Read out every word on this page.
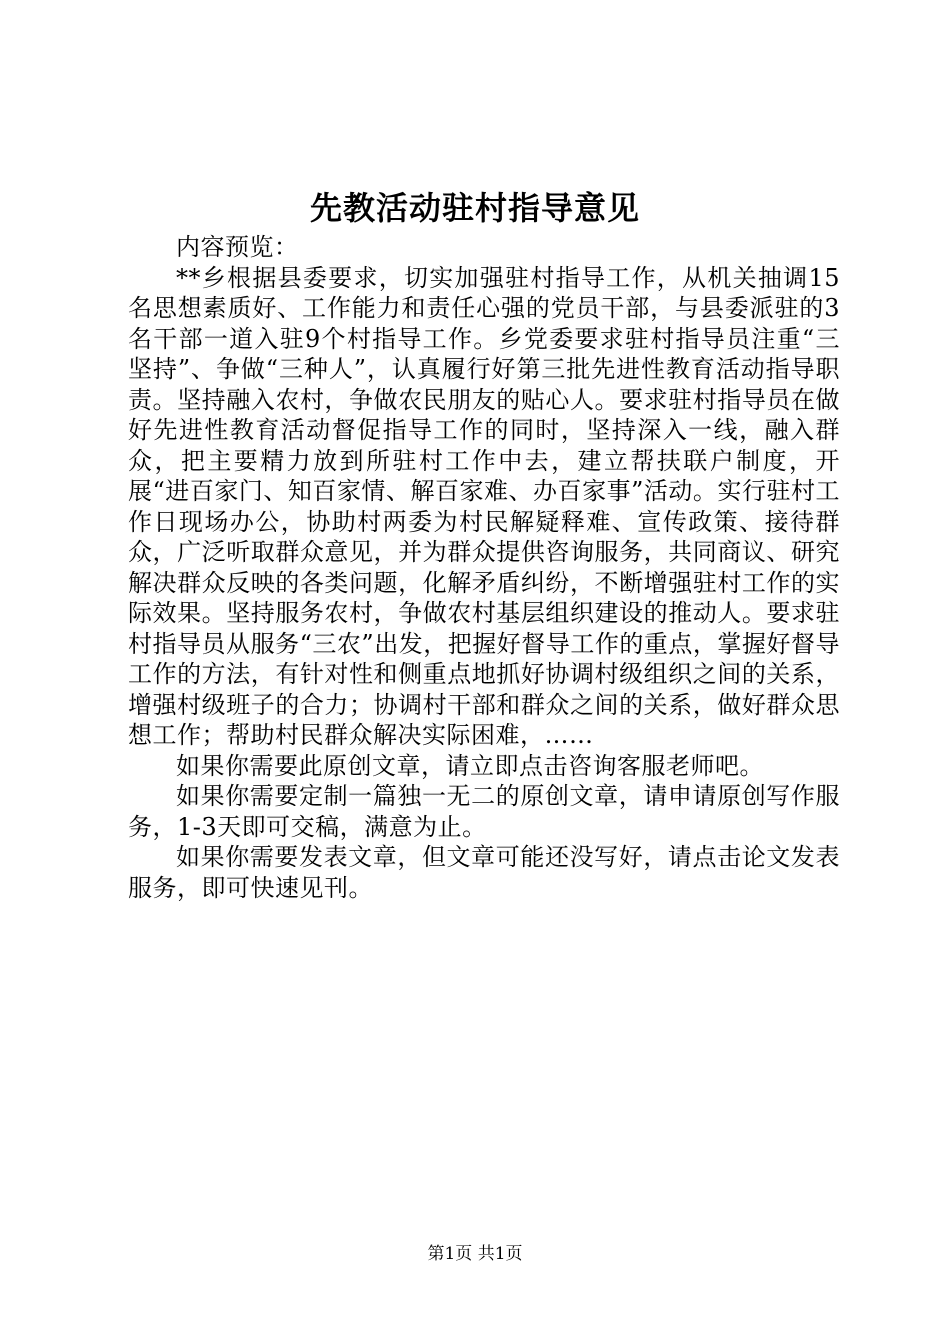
先教活动驻村指导意见

内容预览：

**乡根据县委要求，切实加强驻村指导工作，从机关抽调15名思想素质好、工作能力和责任心强的党员干部，与县委派驻的3名干部一道入驻9个村指导工作。乡党委要求驻村指导员注重“三坚持”、争做“三种人”，认真履行好第三批先进性教育活动指导职责。坚持融入农村，争做农民朋友的贴心人。要求驻村指导员在做好先进性教育活动督促指导工作的同时，坚持深入一线，融入群众，把主要精力放到所驻村工作中去，建立帮扶联户制度，开展“进百家门、知百家情、解百家难、办百家事”活动。实行驻村工作日现场办公，协助村两委为村民解疑释难、宣传政策、接待群众，广泛听取群众意见，并为群众提供咨询服务，共同商议、研究解决群众反映的各类问题，化解矛盾纠纷，不断增强驻村工作的实际效果。坚持服务农村，争做农村基层组织建设的推动人。要求驻村指导员从服务“三农”出发，把握好督导工作的重点，掌握好督导工作的方法，有针对性和侧重点地抓好协调村级组织之间的关系，增强村级班子的合力；协调村干部和群众之间的关系，做好群众思想工作；帮助村民群众解决实际困难，……

如果你需要此原创文章，请立即点击咨询客服老师吧。

如果你需要定制一篇独一无二的原创文章，请申请原创写作服务，1-3天即可交稿，满意为止。

如果你需要发表文章，但文章可能还没写好，请点击论文发表服务，即可快速见刊。

第1页 共1页
